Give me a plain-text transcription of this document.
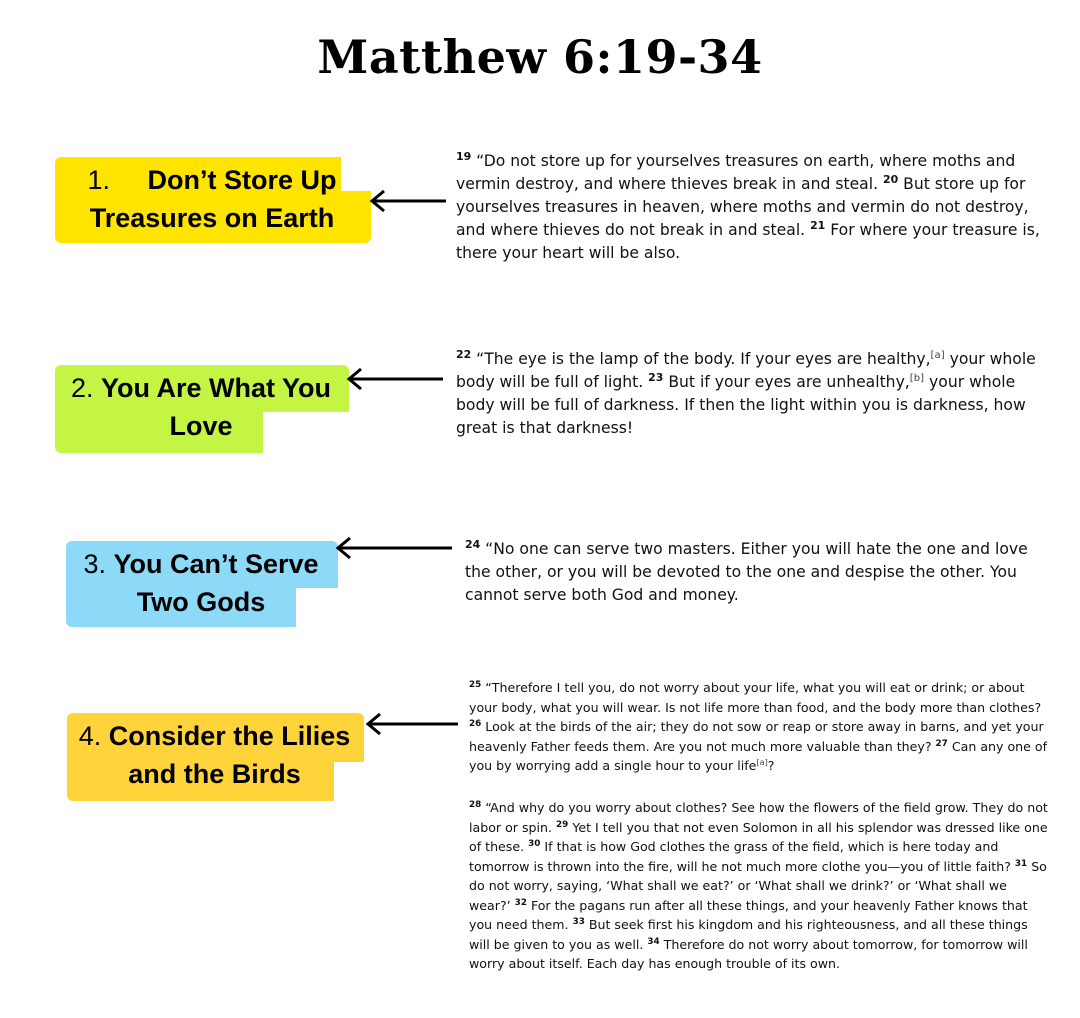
Matthew 6:19-34
1. Don’t Store Up Treasures on Earth
2. You Are What You Love
3. You Can’t Serve Two Gods
4. Consider the Lilies and the Birds
$^{19}$ “Do not store up for yourselves treasures on earth, where moths and vermin destroy, and where thieves break in and steal. $^{20}$ But store up for yourselves treasures in heaven, where moths and vermin do not destroy, and where thieves do not break in and steal. $^{21}$ For where your treasure is, there your heart will be also.
$^{22}$ “The eye is the lamp of the body. If your eyes are healthy,[a] your whole body will be full of light. $^{23}$ But if your eyes are unhealthy,[b] your whole body will be full of darkness. If then the light within you is darkness, how great is that darkness!
$^{24}$ “No one can serve two masters. Either you will hate the one and love the other, or you will be devoted to the one and despise the other. You cannot serve both God and money.
$^{25}$ “Therefore I tell you, do not worry about your life, what you will eat or drink; or about your body, what you will wear. Is not life more than food, and the body more than clothes? $^{26}$ Look at the birds of the air; they do not sow or reap or store away in barns, and yet your heavenly Father feeds them. Are you not much more valuable than they? $^{27}$ Can any one of you by worrying add a single hour to your life[a]?
$^{28}$ “And why do you worry about clothes? See how the flowers of the field grow. They do not labor or spin. $^{29}$ Yet I tell you that not even Solomon in all his splendor was dressed like one of these. $^{30}$ If that is how God clothes the grass of the field, which is here today and tomorrow is thrown into the fire, will he not much more clothe you—you of little faith? $^{31}$ So do not worry, saying, ‘What shall we eat?’ or ‘What shall we drink?’ or ‘What shall we wear?’ $^{32}$ For the pagans run after all these things, and your heavenly Father knows that you need them. $^{33}$ But seek first his kingdom and his righteousness, and all these things will be given to you as well. $^{34}$ Therefore do not worry about tomorrow, for tomorrow will worry about itself. Each day has enough trouble of its own.
